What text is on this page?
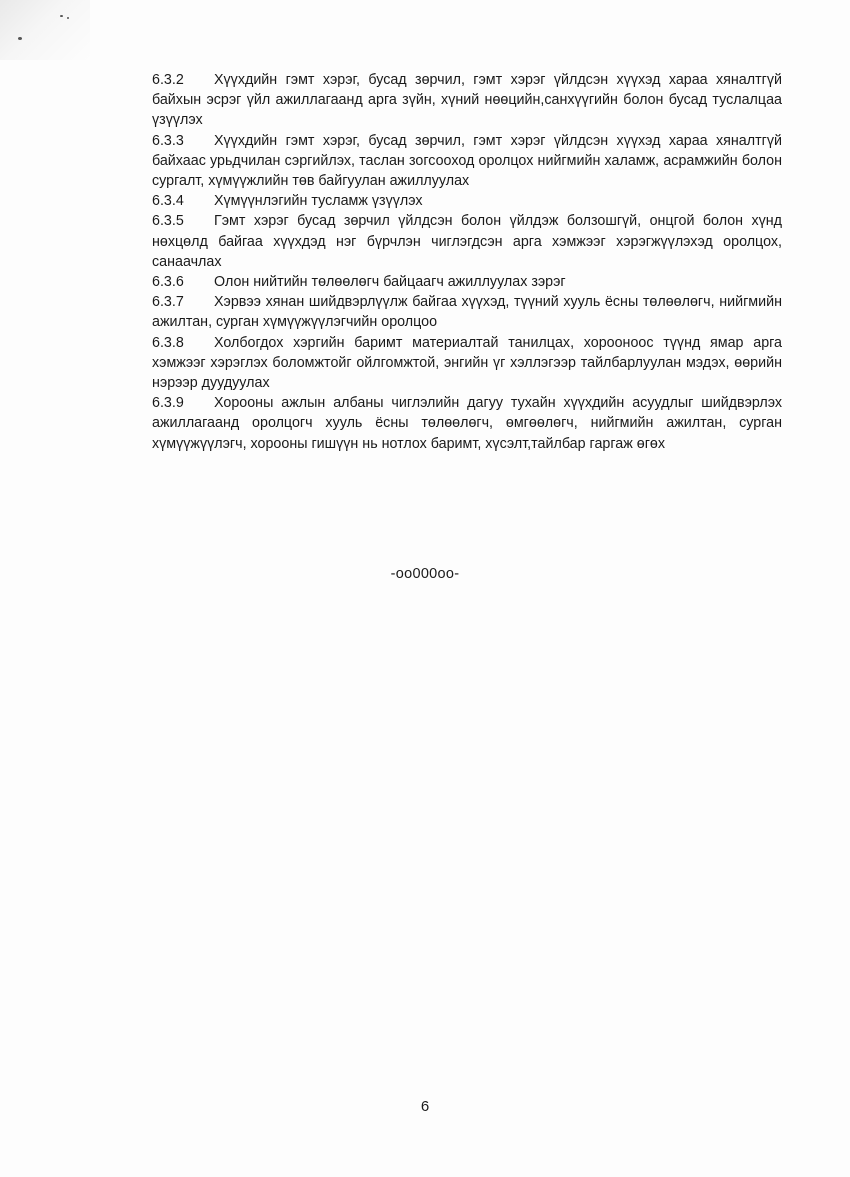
6.3.2 Хүүхдийн гэмт хэрэг, бусад зөрчил, гэмт хэрэг үйлдсэн хүүхэд хараа хяналтгүй байхын эсрэг үйл ажиллагаанд арга зүйн, хүний нөөцийн,санхүүгийн болон бусад туслалцаа үзүүлэх

6.3.3 Хүүхдийн гэмт хэрэг, бусад зөрчил, гэмт хэрэг үйлдсэн хүүхэд хараа хяналтгүй байхаас урьдчилан сэргийлэх, таслан зогсооход оролцох нийгмийн халамж, асрамжийн болон сургалт, хүмүүжлийн төв байгуулан ажиллуулах

6.3.4 Хүмүүнлэгийн тусламж үзүүлэх

6.3.5 Гэмт хэрэг бусад зөрчил үйлдсэн болон үйлдэж болзошгүй, онцгой болон хүнд нөхцөлд байгаа хүүхдэд нэг бүрчлэн чиглэгдсэн арга хэмжээг хэрэгжүүлэхэд оролцох, санаачлах

6.3.6 Олон нийтийн төлөөлөгч байцаагч ажиллуулах зэрэг

6.3.7 Хэрвээ хянан шийдвэрлүүлж байгаа хүүхэд, түүний хууль ёсны төлөөлөгч, нийгмийн ажилтан, сурган хүмүүжүүлэгчийн оролцоо

6.3.8 Холбогдох хэргийн баримт материалтай танилцах, хорооноос түүнд ямар арга хэмжээг хэрэглэх боломжтойг ойлгомжтой, энгийн үг хэллэгээр тайлбарлуулан мэдэх, өөрийн нэрээр дуудуулах

6.3.9 Хорооны ажлын албаны чиглэлийн дагуу тухайн хүүхдийн асуудлыг шийдвэрлэх ажиллагаанд оролцогч хууль ёсны төлөөлөгч, өмгөөлөгч, нийгмийн ажилтан, сурган хүмүүжүүлэгч, хорооны гишүүн нь нотлох баримт, хүсэлт,тайлбар гаргаж өгөх

-оо000оо-
6
